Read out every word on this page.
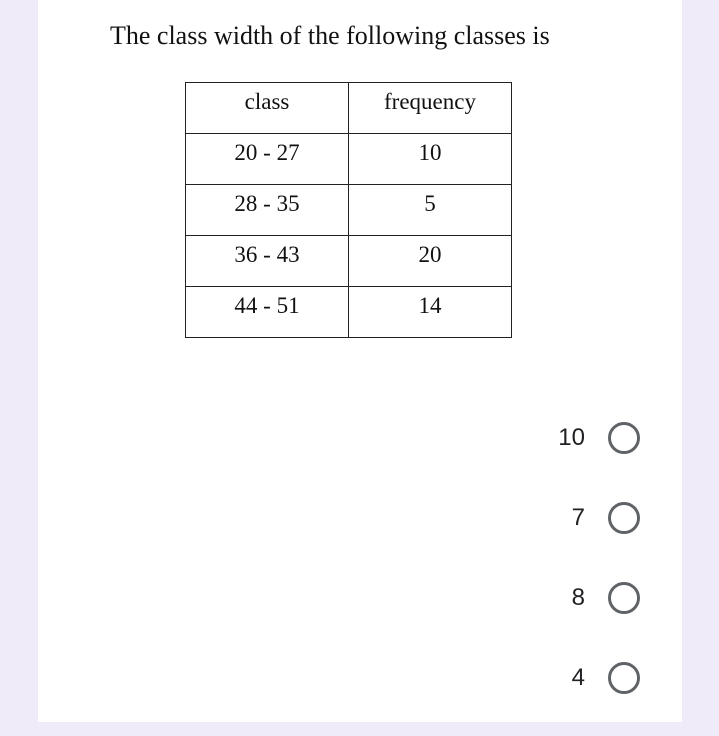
The class width of the following classes is
class	frequency
20 - 27	10
28 - 35	5
36 - 43	20
44 - 51	14
10
7
8
4
